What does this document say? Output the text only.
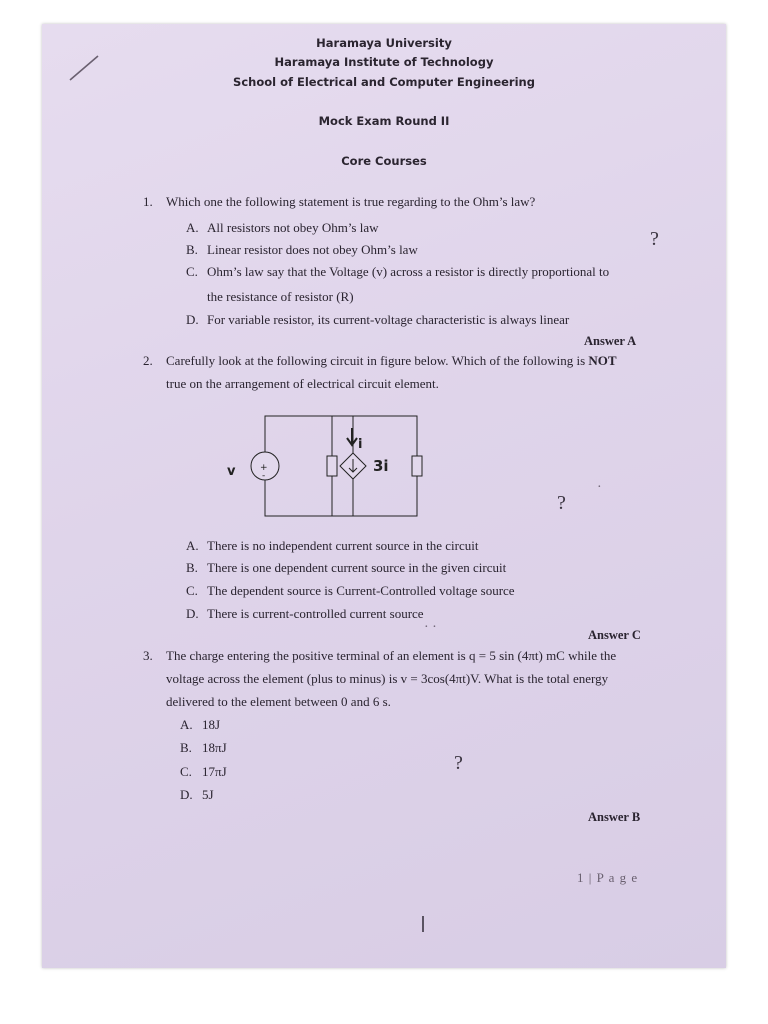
Haramaya University
Haramaya Institute of Technology
School of Electrical and Computer Engineering
Mock Exam Round II
Core Courses
1. Which one the following statement is true regarding to the Ohm’s law?
A. All resistors not obey Ohm’s law
B. Linear resistor does not obey Ohm’s law
C. Ohm’s law say that the Voltage (v) across a resistor is directly proportional to
the resistance of resistor (R)
D. For variable resistor, its current-voltage characteristic is always linear
?
Answer A
2. Carefully look at the following circuit in figure below. Which of the following is NOT
true on the arrangement of electrical circuit element.
+
-
v
i
3i
?
·
A. There is no independent current source in the circuit
B. There is one dependent current source in the given circuit
C. The dependent source is Current-Controlled voltage source
D. There is current-controlled current source
· ·	Answer C
3. The charge entering the positive terminal of an element is q = 5 sin (4πt) mC while the
voltage across the element (plus to minus) is v = 3cos(4πt)V. What is the total energy
delivered to the element between 0 and 6 s.
A. 18J
B. 18πJ
C. 17πJ
D. 5J
?
Answer B
1 | P a g e
